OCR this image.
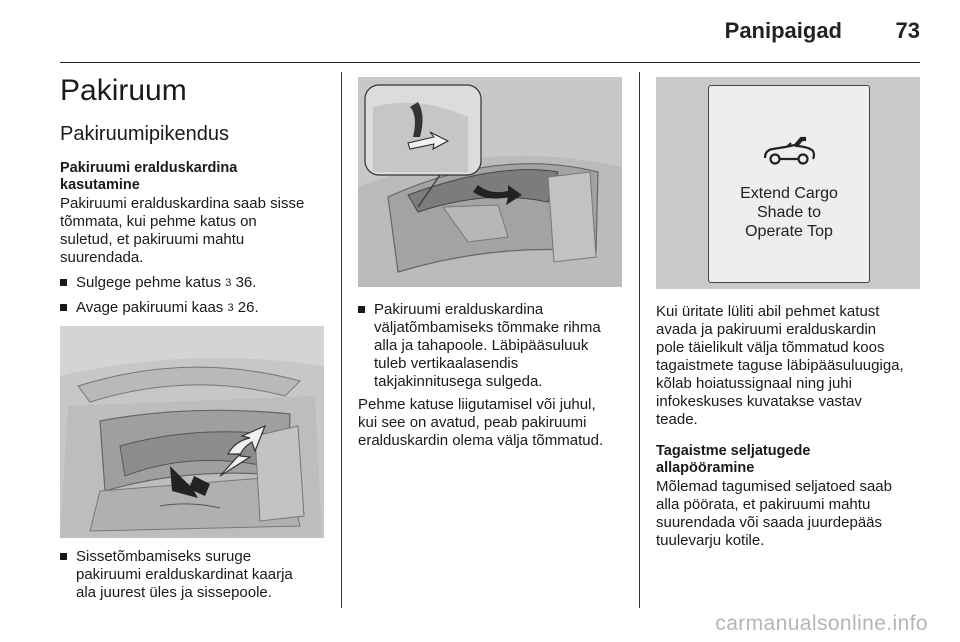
Panipaigad 73
Pakiruum
Pakiruumipikendus
Pakiruumi eralduskardina
kasutamine

Pakiruumi eralduskardina saab sisse

tõmmata, kui pehme katus on

suletud, et pakiruumi mahtu

suurendada.

Sulgege pehme katus 3 36.
Avage pakiruumi kaas 3 26.
Sissetõmbamiseks suruge
pakiruumi eralduskardinat kaarja
ala juurest üles ja sissepoole.
Pakiruumi eralduskardina
väljatõmbamiseks tõmmake rihma
alla ja tahapoole. Läbipääsuluuk
tuleb vertikaalasendis
takjakinnitusega sulgeda.

Pehme katuse liigutamisel või juhul,

kui see on avatud, peab pakiruumi

eralduskardin olema välja tõmmatud.

Extend Cargo
Shade to
Operate Top

Kui üritate lüliti abil pehmet katust

avada ja pakiruumi eralduskardin

pole täielikult välja tõmmatud koos

tagaistmete taguse läbipääsuluugiga,

kõlab hoiatussignaal ning juhi

infokeskuses kuvatakse vastav

teade.

Tagaistme seljatugede
allapööramine

Mõlemad tagumised seljatoed saab

alla pöörata, et pakiruumi mahtu

suurendada või saada juurdepääs

tuulevarju kotile.

carmanualsonline.info
